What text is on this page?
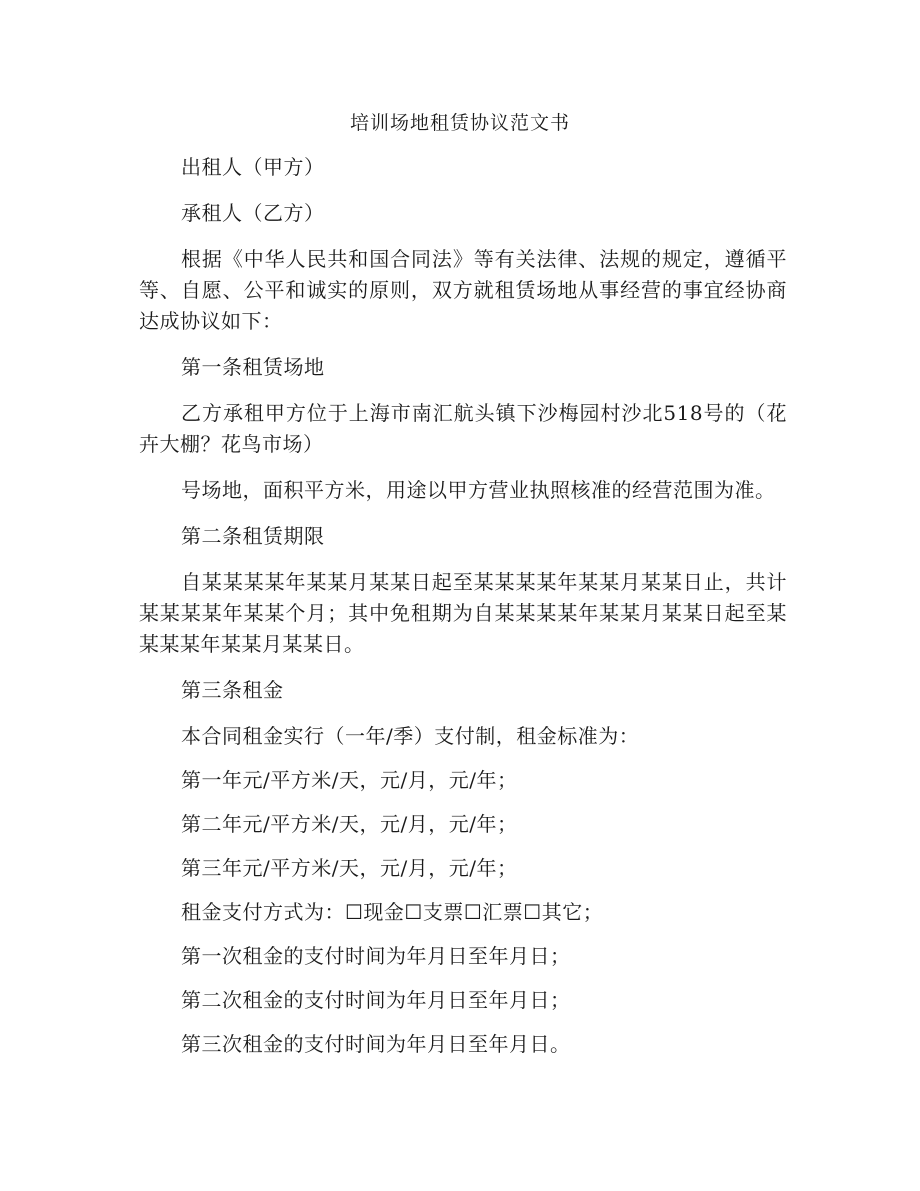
培训场地租赁协议范文书

出租人（甲方）

承租人（乙方）

根据《中华人民共和国合同法》等有关法律、法规的规定，遵循平等、自愿、公平和诚实的原则，双方就租赁场地从事经营的事宜经协商达成协议如下：

第一条租赁场地

乙方承租甲方位于上海市南汇航头镇下沙梅园村沙北518号的（花卉大棚？花鸟市场）

号场地，面积平方米，用途以甲方营业执照核准的经营范围为准。

第二条租赁期限

自某某某某年某某月某某日起至某某某某年某某月某某日止，共计某某某某年某某个月；其中免租期为自某某某某年某某月某某日起至某某某某年某某月某某日。

第三条租金

本合同租金实行（一年/季）支付制，租金标准为：

第一年元/平方米/天，元/月，元/年；

第二年元/平方米/天，元/月，元/年；

第三年元/平方米/天，元/月，元/年；

租金支付方式为：☐现金☐支票☐汇票☐其它；

第一次租金的支付时间为年月日至年月日；

第二次租金的支付时间为年月日至年月日；

第三次租金的支付时间为年月日至年月日。
